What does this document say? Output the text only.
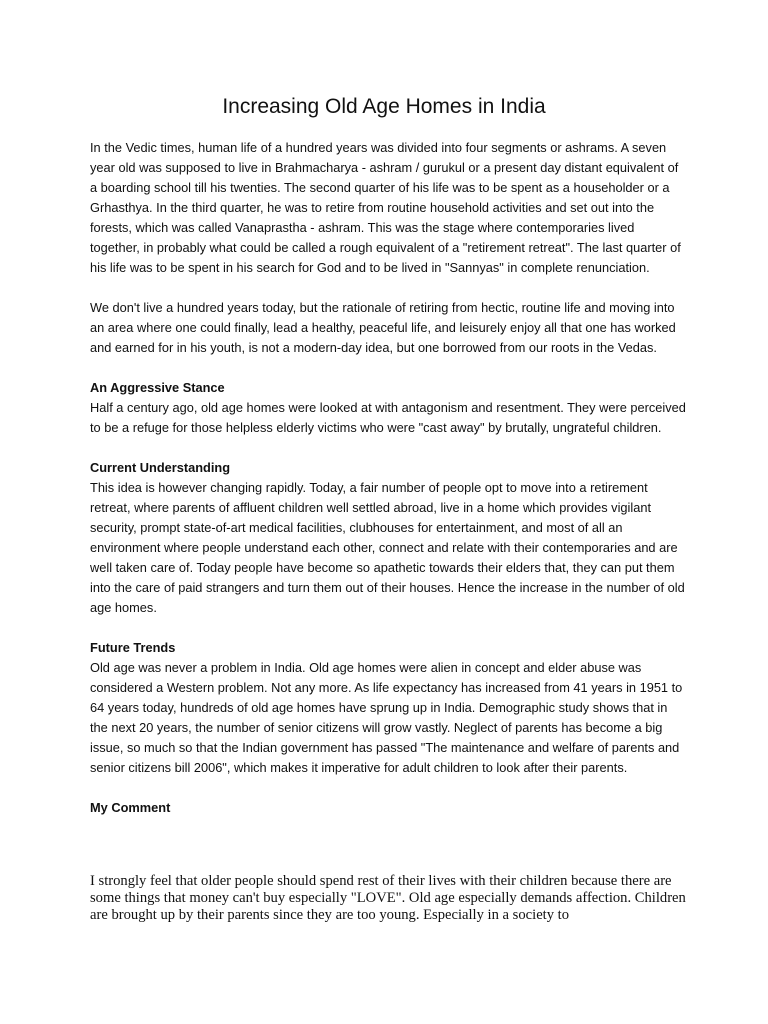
Increasing Old Age Homes in India

In the Vedic times, human life of a hundred years was divided into four segments or ashrams. A seven year old was supposed to live in Brahmacharya - ashram / gurukul or a present day distant equivalent of a boarding school till his twenties. The second quarter of his life was to be spent as a householder or a Grhasthya. In the third quarter, he was to retire from routine household activities and set out into the forests, which was called Vanaprastha - ashram. This was the stage where contemporaries lived together, in probably what could be called a rough equivalent of a "retirement retreat". The last quarter of his life was to be spent in his search for God and to be lived in "Sannyas" in complete renunciation.

We don't live a hundred years today, but the rationale of retiring from hectic, routine life and moving into an area where one could finally, lead a healthy, peaceful life, and leisurely enjoy all that one has worked and earned for in his youth, is not a modern-day idea, but one borrowed from our roots in the Vedas.

An Aggressive Stance

Half a century ago, old age homes were looked at with antagonism and resentment. They were perceived to be a refuge for those helpless elderly victims who were "cast away" by brutally, ungrateful children.

Current Understanding

This idea is however changing rapidly. Today, a fair number of people opt to move into a retirement retreat, where parents of affluent children well settled abroad, live in a home which provides vigilant security, prompt state-of-art medical facilities, clubhouses for entertainment, and most of all an environment where people understand each other, connect and relate with their contemporaries and are well taken care of. Today people have become so apathetic towards their elders that, they can put them into the care of paid strangers and turn them out of their houses. Hence the increase in the number of old age homes.

Future Trends

Old age was never a problem in India. Old age homes were alien in concept and elder abuse was considered a Western problem. Not any more. As life expectancy has increased from 41 years in 1951 to 64 years today, hundreds of old age homes have sprung up in India. Demographic study shows that in the next 20 years, the number of senior citizens will grow vastly. Neglect of parents has become a big issue, so much so that the Indian government has passed "The maintenance and welfare of parents and senior citizens bill 2006", which makes it imperative for adult children to look after their parents.

My Comment

I strongly feel that older people should spend rest of their lives with their children because there are some things that money can't buy especially "LOVE". Old age especially demands affection. Children are brought up by their parents since they are too young. Especially in a society to
